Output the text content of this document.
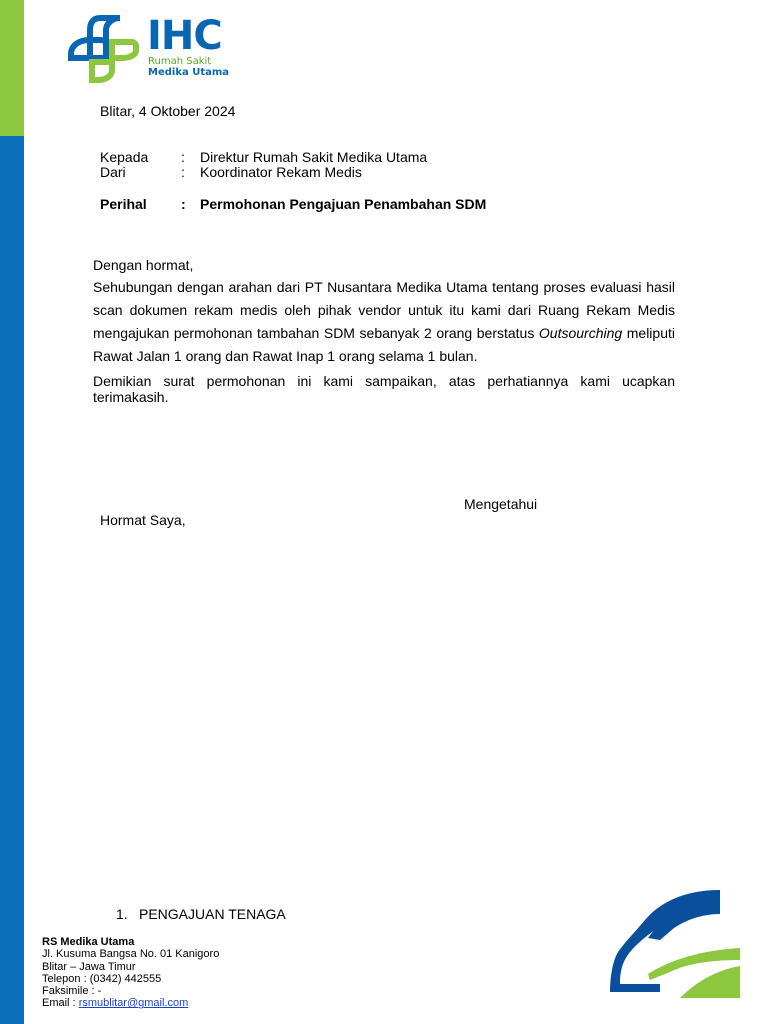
IHC
Rumah Sakit
Medika Utama
Blitar, 4 Oktober 2024
Kepada : Direktur Rumah Sakit Medika Utama
Dari	: Koordinator Rekam Medis
Perihal : Permohonan Pengajuan Penambahan SDM
Dengan hormat,
Sehubungan dengan arahan dari PT Nusantara Medika Utama tentang proses evaluasi hasil scan dokumen rekam medis oleh pihak vendor untuk itu kami dari Ruang Rekam Medis mengajukan permohonan tambahan SDM sebanyak 2 orang berstatus Outsourching meliputi Rawat Jalan 1 orang dan Rawat Inap 1 orang selama 1 bulan.
Demikian surat permohonan ini kami sampaikan, atas perhatiannya kami ucapkan terimakasih.
Mengetahui
Hormat Saya,
1. PENGAJUAN TENAGA
RS Medika Utama
Jl. Kusuma Bangsa No. 01 Kanigoro
Blitar – Jawa Timur
Telepon : (0342) 442555
Faksimile : -
Email : rsmublitar@gmail.com
